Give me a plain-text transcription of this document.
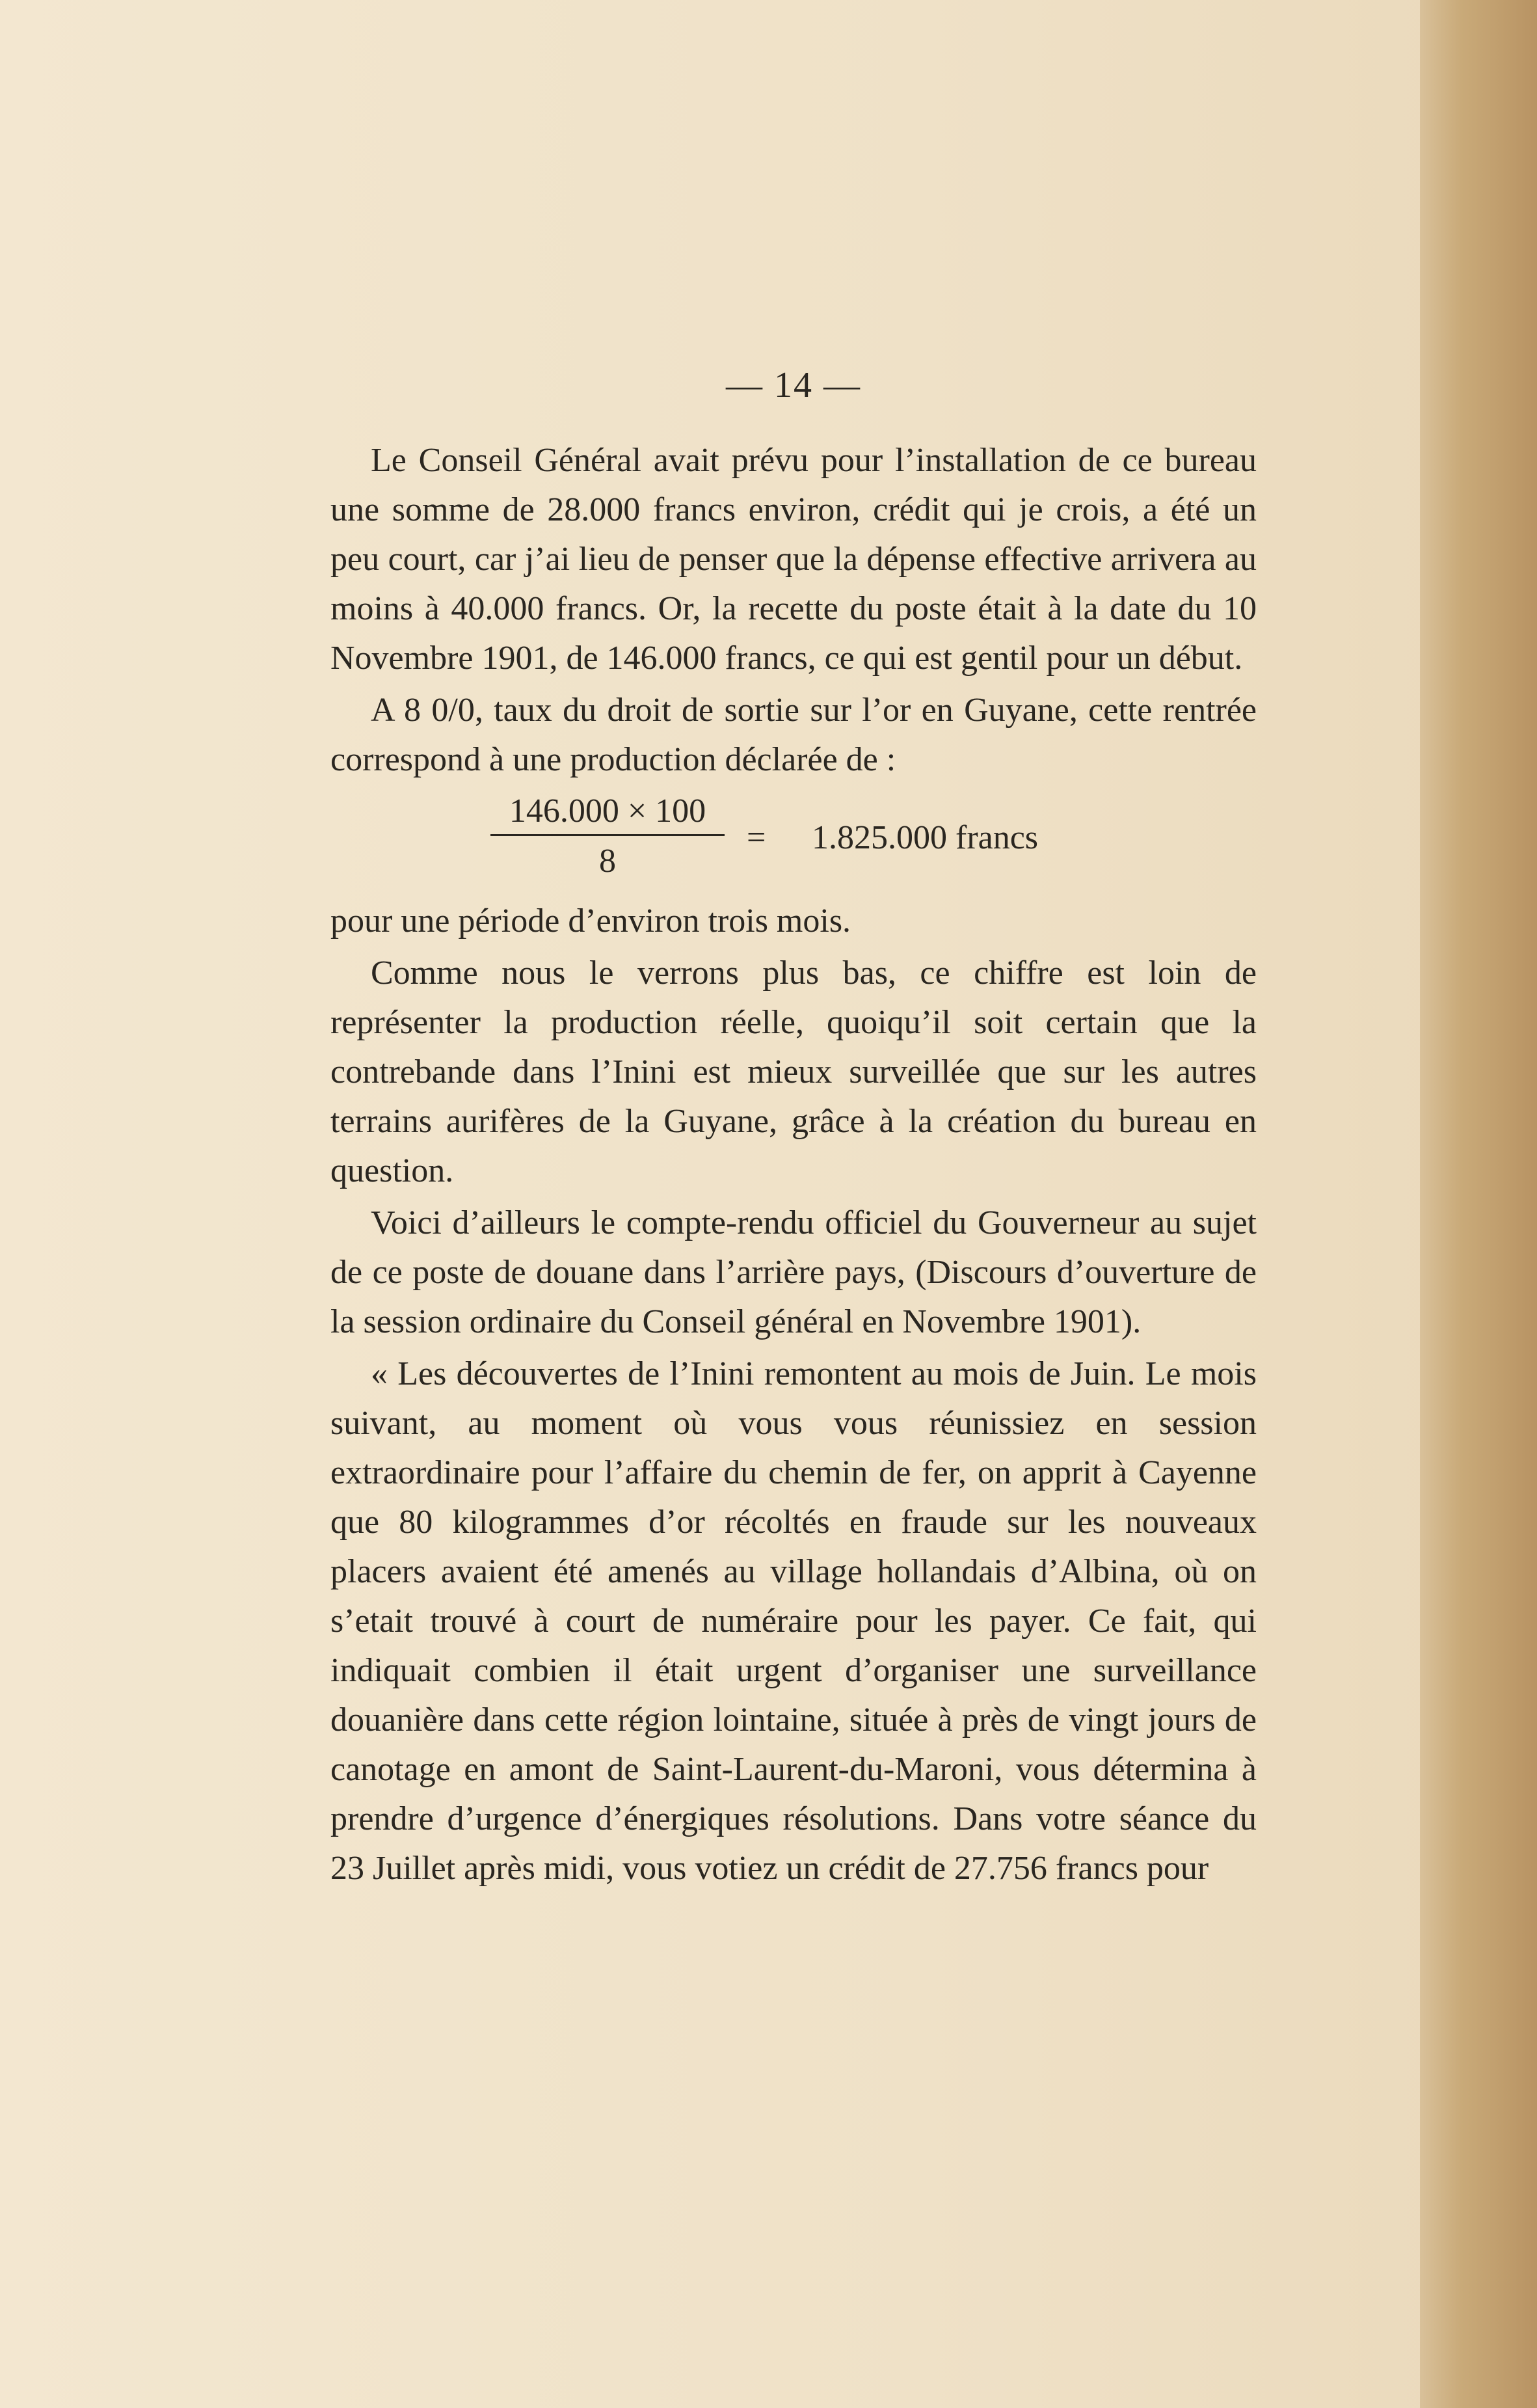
— 14 —

Le Conseil Général avait prévu pour l’installation de ce bureau une somme de 28.000 francs environ, crédit qui je crois, a été un peu court, car j’ai lieu de penser que la dépense effective arrivera au moins à 40.000 francs. Or, la recette du poste était à la date du 10 Novembre 1901, de 146.000 francs, ce qui est gentil pour un début.

A 8 0/0, taux du droit de sortie sur l’or en Guyane, cette rentrée correspond à une production déclarée de :

146.000 × 100
8
= 1.825.000 francs

pour une période d’environ trois mois.

Comme nous le verrons plus bas, ce chiffre est loin de représenter la production réelle, quoiqu’il soit certain que la contrebande dans l’Inini est mieux surveillée que sur les autres terrains aurifères de la Guyane, grâce à la création du bureau en question.

Voici d’ailleurs le compte-rendu officiel du Gouverneur au sujet de ce poste de douane dans l’arrière pays, (Discours d’ouverture de la session ordinaire du Conseil général en Novembre 1901).

« Les découvertes de l’Inini remontent au mois de Juin. Le mois suivant, au moment où vous vous réunissiez en session extraordinaire pour l’affaire du chemin de fer, on apprit à Cayenne que 80 kilogrammes d’or récoltés en fraude sur les nouveaux placers avaient été amenés au village hollandais d’Albina, où on s’etait trouvé à court de numéraire pour les payer. Ce fait, qui indiquait combien il était urgent d’organiser une surveillance douanière dans cette région lointaine, située à près de vingt jours de canotage en amont de Saint-Laurent-du-Maroni, vous détermina à prendre d’urgence d’énergiques résolutions. Dans votre séance du 23 Juillet après midi, vous votiez un crédit de 27.756 francs pour
